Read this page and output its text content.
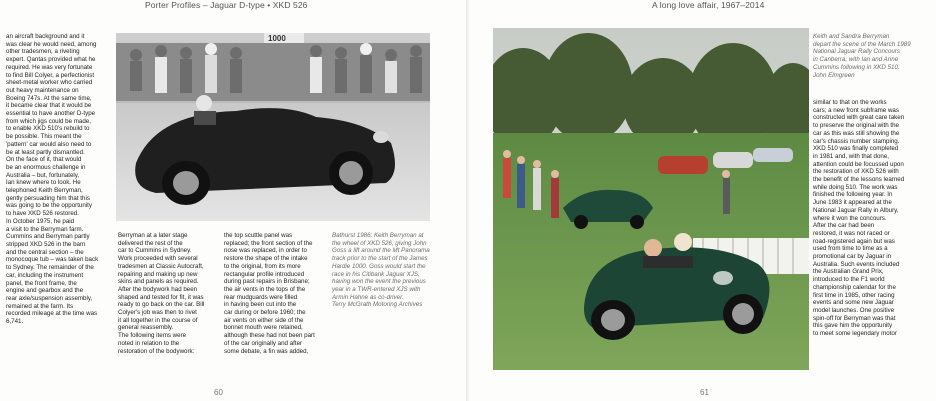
Porter Profiles – Jaguar D-type • XKD 526
an aircraft background and it
was clear he would need, among
other tradesmen, a riveting
expert. Qantas provided what he
required. He was very fortunate
to find Bill Colyer, a perfectionist
sheet-metal worker who carried
out heavy maintenance on
Boeing 747s. At the same time,
it became clear that it would be
essential to have another D-type
from which jigs could be made,
to enable XKD 510's rebuild to
be possible. This meant the
'pattern' car would also need to
be at least partly dismantled.
On the face of it, that would
be an enormous challenge in
Australia – but, fortunately,
Ian knew where to look. He
telephoned Keith Berryman,
gently persuading him that this
was going to be the opportunity
to have XKD 526 restored.
In October 1975, he paid
a visit to the Berryman farm.
Cummins and Berryman partly
stripped XKD 526 in the barn
and the central section – the
monocoque tub – was taken back
to Sydney. The remainder of the
car, including the instrument
panel, the front frame, the
engine and gearbox and the
rear axle/suspension assembly,
remained at the farm. Its
recorded mileage at the time was
6,741.
1000
Berryman at a later stage
delivered the rest of the
car to Cummins in Sydney.
Work proceeded with several
tradesmen at Classic Autocraft,
repairing and making up new
skins and panels as required.
After the bodywork had been
shaped and tested for fit, it was
ready to go back on the car. Bill
Colyer's job was then to rivet
it all together in the course of
general reassembly.
The following items were
noted in relation to the
restoration of the bodywork:
the top scuttle panel was
replaced; the front section of the
nose was replaced, in order to
restore the shape of the intake
to the original, from its more
rectangular profile introduced
during past repairs in Brisbane;
the air vents in the tops of the
rear mudguards were filled
in having been cut into the
car during or before 1960; the
air vents on either side of the
bonnet mouth were retained,
although these had not been part
of the car originally and after
some debate, a fin was added,
Bathurst 1986: Keith Berryman at
the wheel of XKD 526, giving John
Goss a lift around the Mt Panorama
track prior to the start of the James
Hardie 1000. Goss would start the
race in his Citibank Jaguar XJS,
having won the event the previous
year in a TWR-entered XJS with
Armin Hahne as co-driver.
Terry McGrath Motoring Archives
60
A long love affair, 1967–2014
Keith and Sandra Berryman
depart the scene of the March 1989
National Jaguar Rally Concours
in Canberra, with Ian and Anne
Cummins following in XKD 510.
John Elmgreen
similar to that on the works
cars; a new front subframe was
constructed with great care taken
to preserve the original with the
car as this was still showing the
car's chassis number stamping.
XKD 510 was finally completed
in 1981 and, with that done,
attention could be focussed upon
the restoration of XKD 526 with
the benefit of the lessons learned
while doing 510. The work was
finished the following year. In
June 1983 it appeared at the
National Jaguar Rally in Albury,
where it won the concours.
After the car had been
restored, it was not raced or
road-registered again but was
used from time to time as a
promotional car by Jaguar in
Australia. Such events included
the Australian Grand Prix,
introduced to the F1 world
championship calendar for the
first time in 1985, other racing
events and some new Jaguar
model launches. One positive
spin-off for Berryman was that
this gave him the opportunity
to meet some legendary motor
61
